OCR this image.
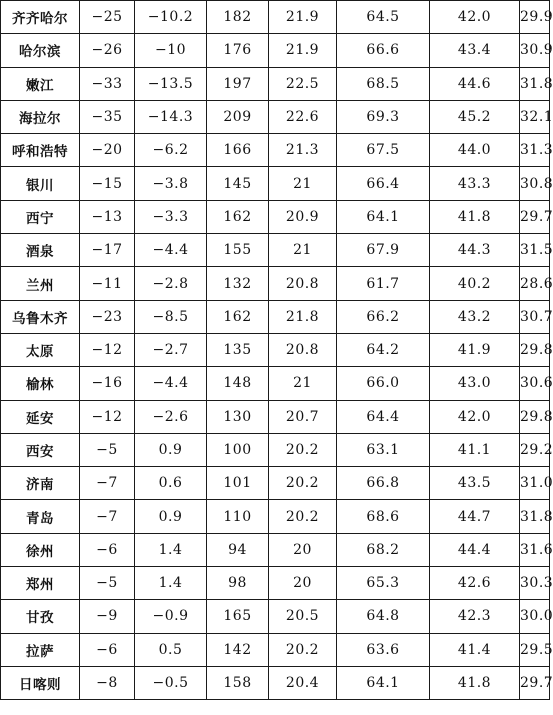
齐齐哈尔	−25	−10.2	182	21.9	64.5	42.0	29.9
哈尔滨	−26	−10	176	21.9	66.6	43.4	30.9
嫩江	−33	−13.5	197	22.5	68.5	44.6	31.8
海拉尔	−35	−14.3	209	22.6	69.3	45.2	32.1
呼和浩特	−20	−6.2	166	21.3	67.5	44.0	31.3
银川	−15	−3.8	145	21	66.4	43.3	30.8
西宁	−13	−3.3	162	20.9	64.1	41.8	29.7
酒泉	−17	−4.4	155	21	67.9	44.3	31.5
兰州	−11	−2.8	132	20.8	61.7	40.2	28.6
乌鲁木齐	−23	−8.5	162	21.8	66.2	43.2	30.7
太原	−12	−2.7	135	20.8	64.2	41.9	29.8
榆林	−16	−4.4	148	21	66.0	43.0	30.6
延安	−12	−2.6	130	20.7	64.4	42.0	29.8
西安	−5	0.9	100	20.2	63.1	41.1	29.2
济南	−7	0.6	101	20.2	66.8	43.5	31.0
青岛	−7	0.9	110	20.2	68.6	44.7	31.8
徐州	−6	1.4	94	20	68.2	44.4	31.6
郑州	−5	1.4	98	20	65.3	42.6	30.3
甘孜	−9	−0.9	165	20.5	64.8	42.3	30.0
拉萨	−6	0.5	142	20.2	63.6	41.4	29.5
日喀则	−8	−0.5	158	20.4	64.1	41.8	29.7
